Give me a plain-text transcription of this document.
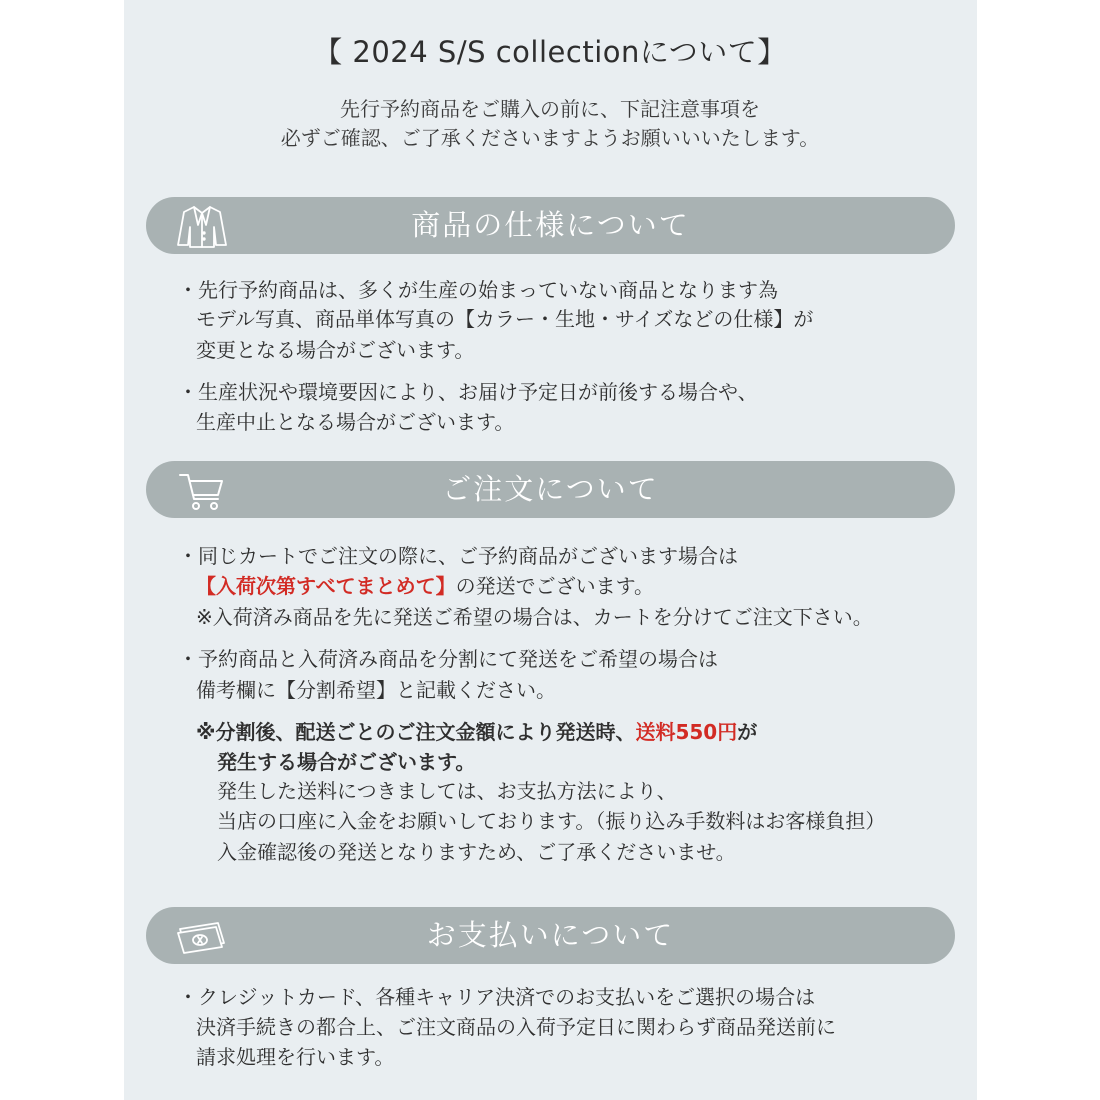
【 2024 S/S collectionについて】
先行予約商品をご購入の前に、下記注意事項を
必ずご確認、ご了承くださいますようお願いいいたします。
商品の仕様について
・先行予約商品は、多くが生産の始まっていない商品となります為
モデル写真、商品単体写真の【カラー・生地・サイズなどの仕様】が
変更となる場合がございます。
・生産状況や環境要因により、お届け予定日が前後する場合や、
生産中止となる場合がございます。
ご注文について
・同じカートでご注文の際に、ご予約商品がございます場合は
【入荷次第すべてまとめて】の発送でございます。
※入荷済み商品を先に発送ご希望の場合は、カートを分けてご注文下さい。
・予約商品と入荷済み商品を分割にて発送をご希望の場合は
備考欄に【分割希望】と記載ください。
※分割後、配送ごとのご注文金額により発送時、送料550円が
発生する場合がございます。
発生した送料につきましては、お支払方法により、
当店の口座に入金をお願いしております。（振り込み手数料はお客様負担）
入金確認後の発送となりますため、ご了承くださいませ。
お支払いについて
・クレジットカード、各種キャリア決済でのお支払いをご選択の場合は
決済手続きの都合上、ご注文商品の入荷予定日に関わらず商品発送前に
請求処理を行います。
